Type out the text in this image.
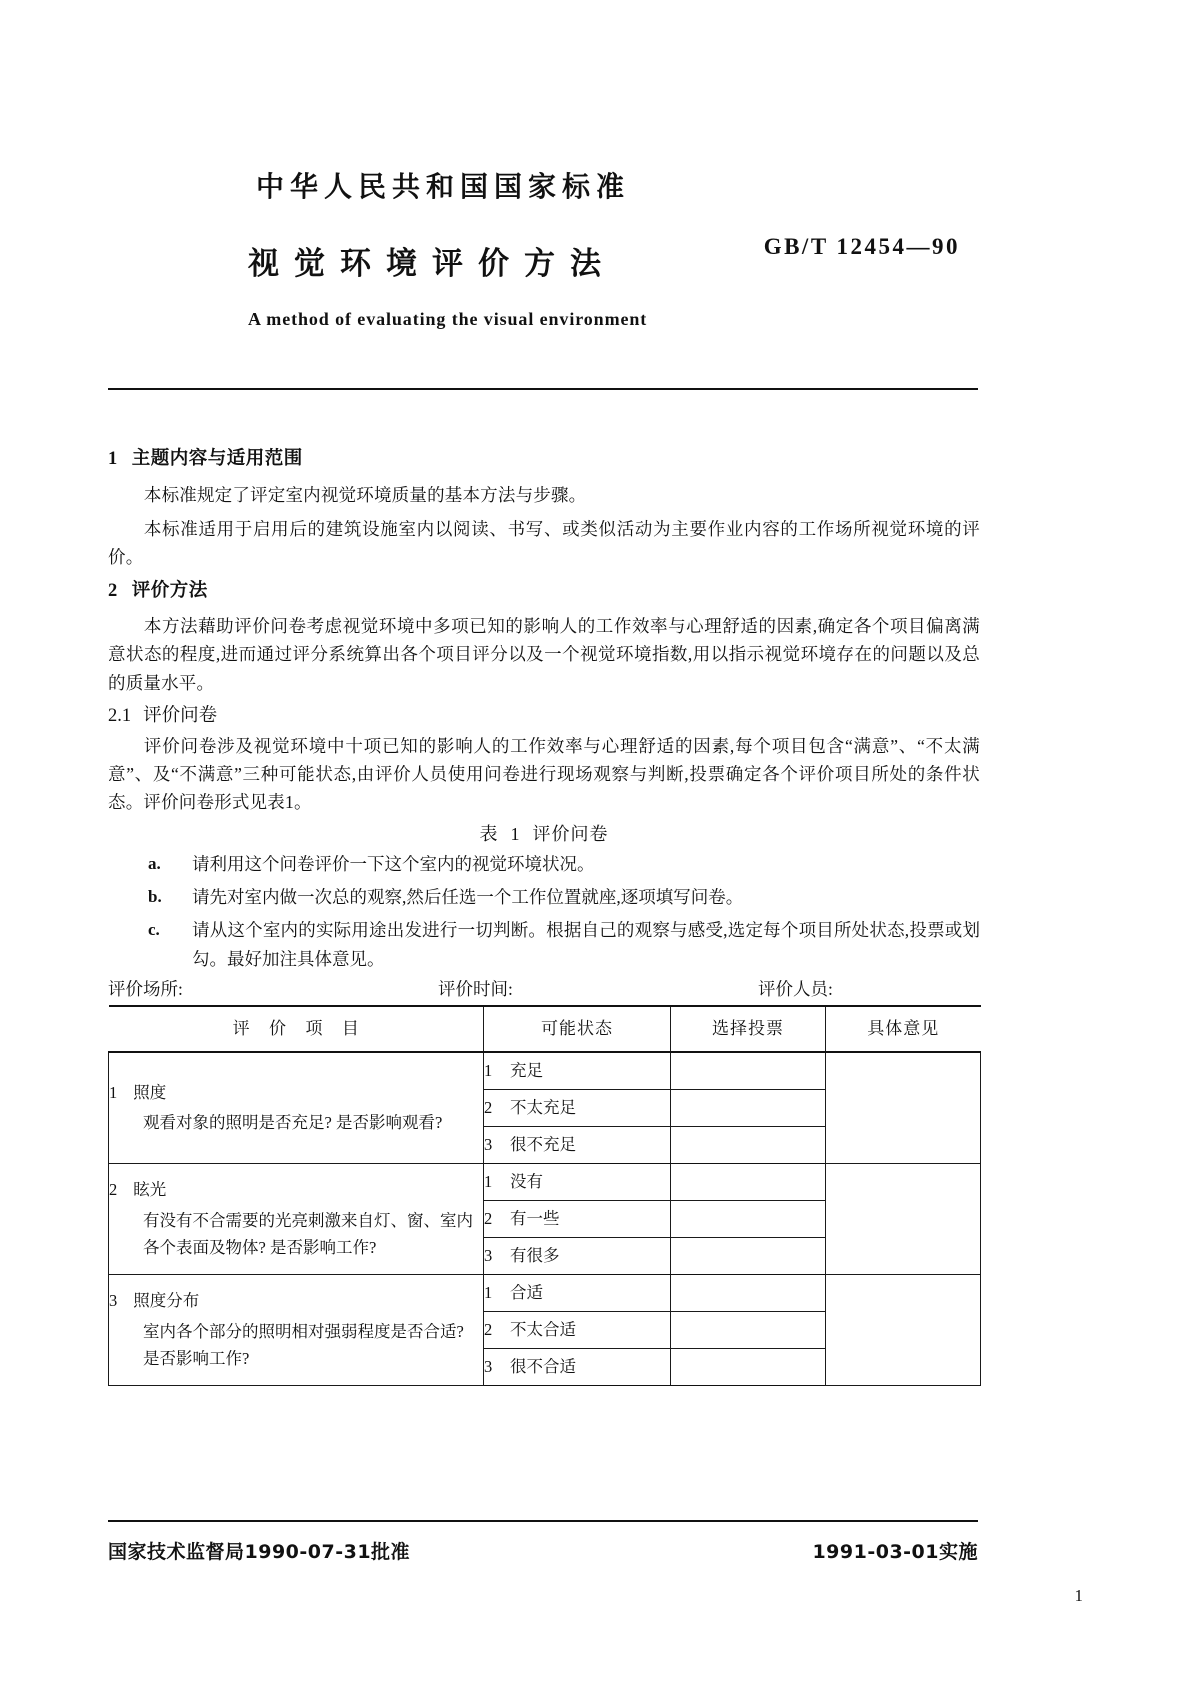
中华人民共和国国家标准
GB/T 12454—90
视觉环境评价方法
A method of evaluating the visual environment
1 主题内容与适用范围

本标准规定了评定室内视觉环境质量的基本方法与步骤。

本标准适用于启用后的建筑设施室内以阅读、书写、或类似活动为主要作业内容的工作场所视觉环境的评价。

2 评价方法

本方法藉助评价问卷考虑视觉环境中多项已知的影响人的工作效率与心理舒适的因素,确定各个项目偏离满意状态的程度,进而通过评分系统算出各个项目评分以及一个视觉环境指数,用以指示视觉环境存在的问题以及总的质量水平。

2.1 评价问卷

评价问卷涉及视觉环境中十项已知的影响人的工作效率与心理舒适的因素,每个项目包含“满意”、“不太满意”、及“不满意”三种可能状态,由评价人员使用问卷进行现场观察与判断,投票确定各个评价项目所处的条件状态。评价问卷形式见表1。

表 1 评价问卷
a. 请利用这个问卷评价一下这个室内的视觉环境状况。
b. 请先对室内做一次总的观察,然后任选一个工作位置就座,逐项填写问卷。
c. 请从这个室内的实际用途出发进行一切判断。根据自己的观察与感受,选定每个项目所处状态,投票或划勾。最好加注具体意见。
评价场所:	评价时间:	评价人员:
评 价 项 目	可能状态	选择投票	具体意见

1 照度
观看对象的照明是否充足? 是否影响观看?	1 充足		
	2 不太充足		
	3 很不充足		

2 眩光
有没有不合需要的光亮刺激来自灯、窗、室内各个表面及物体? 是否影响工作?	1 没有		
	2 有一些		
	3 有很多		

3 照度分布
室内各个部分的照明相对强弱程度是否合适? 是否影响工作?	1 合适		
	2 不太合适		
	3 很不合适		
国家技术监督局1990-07-31批准	1991-03-01实施
1
